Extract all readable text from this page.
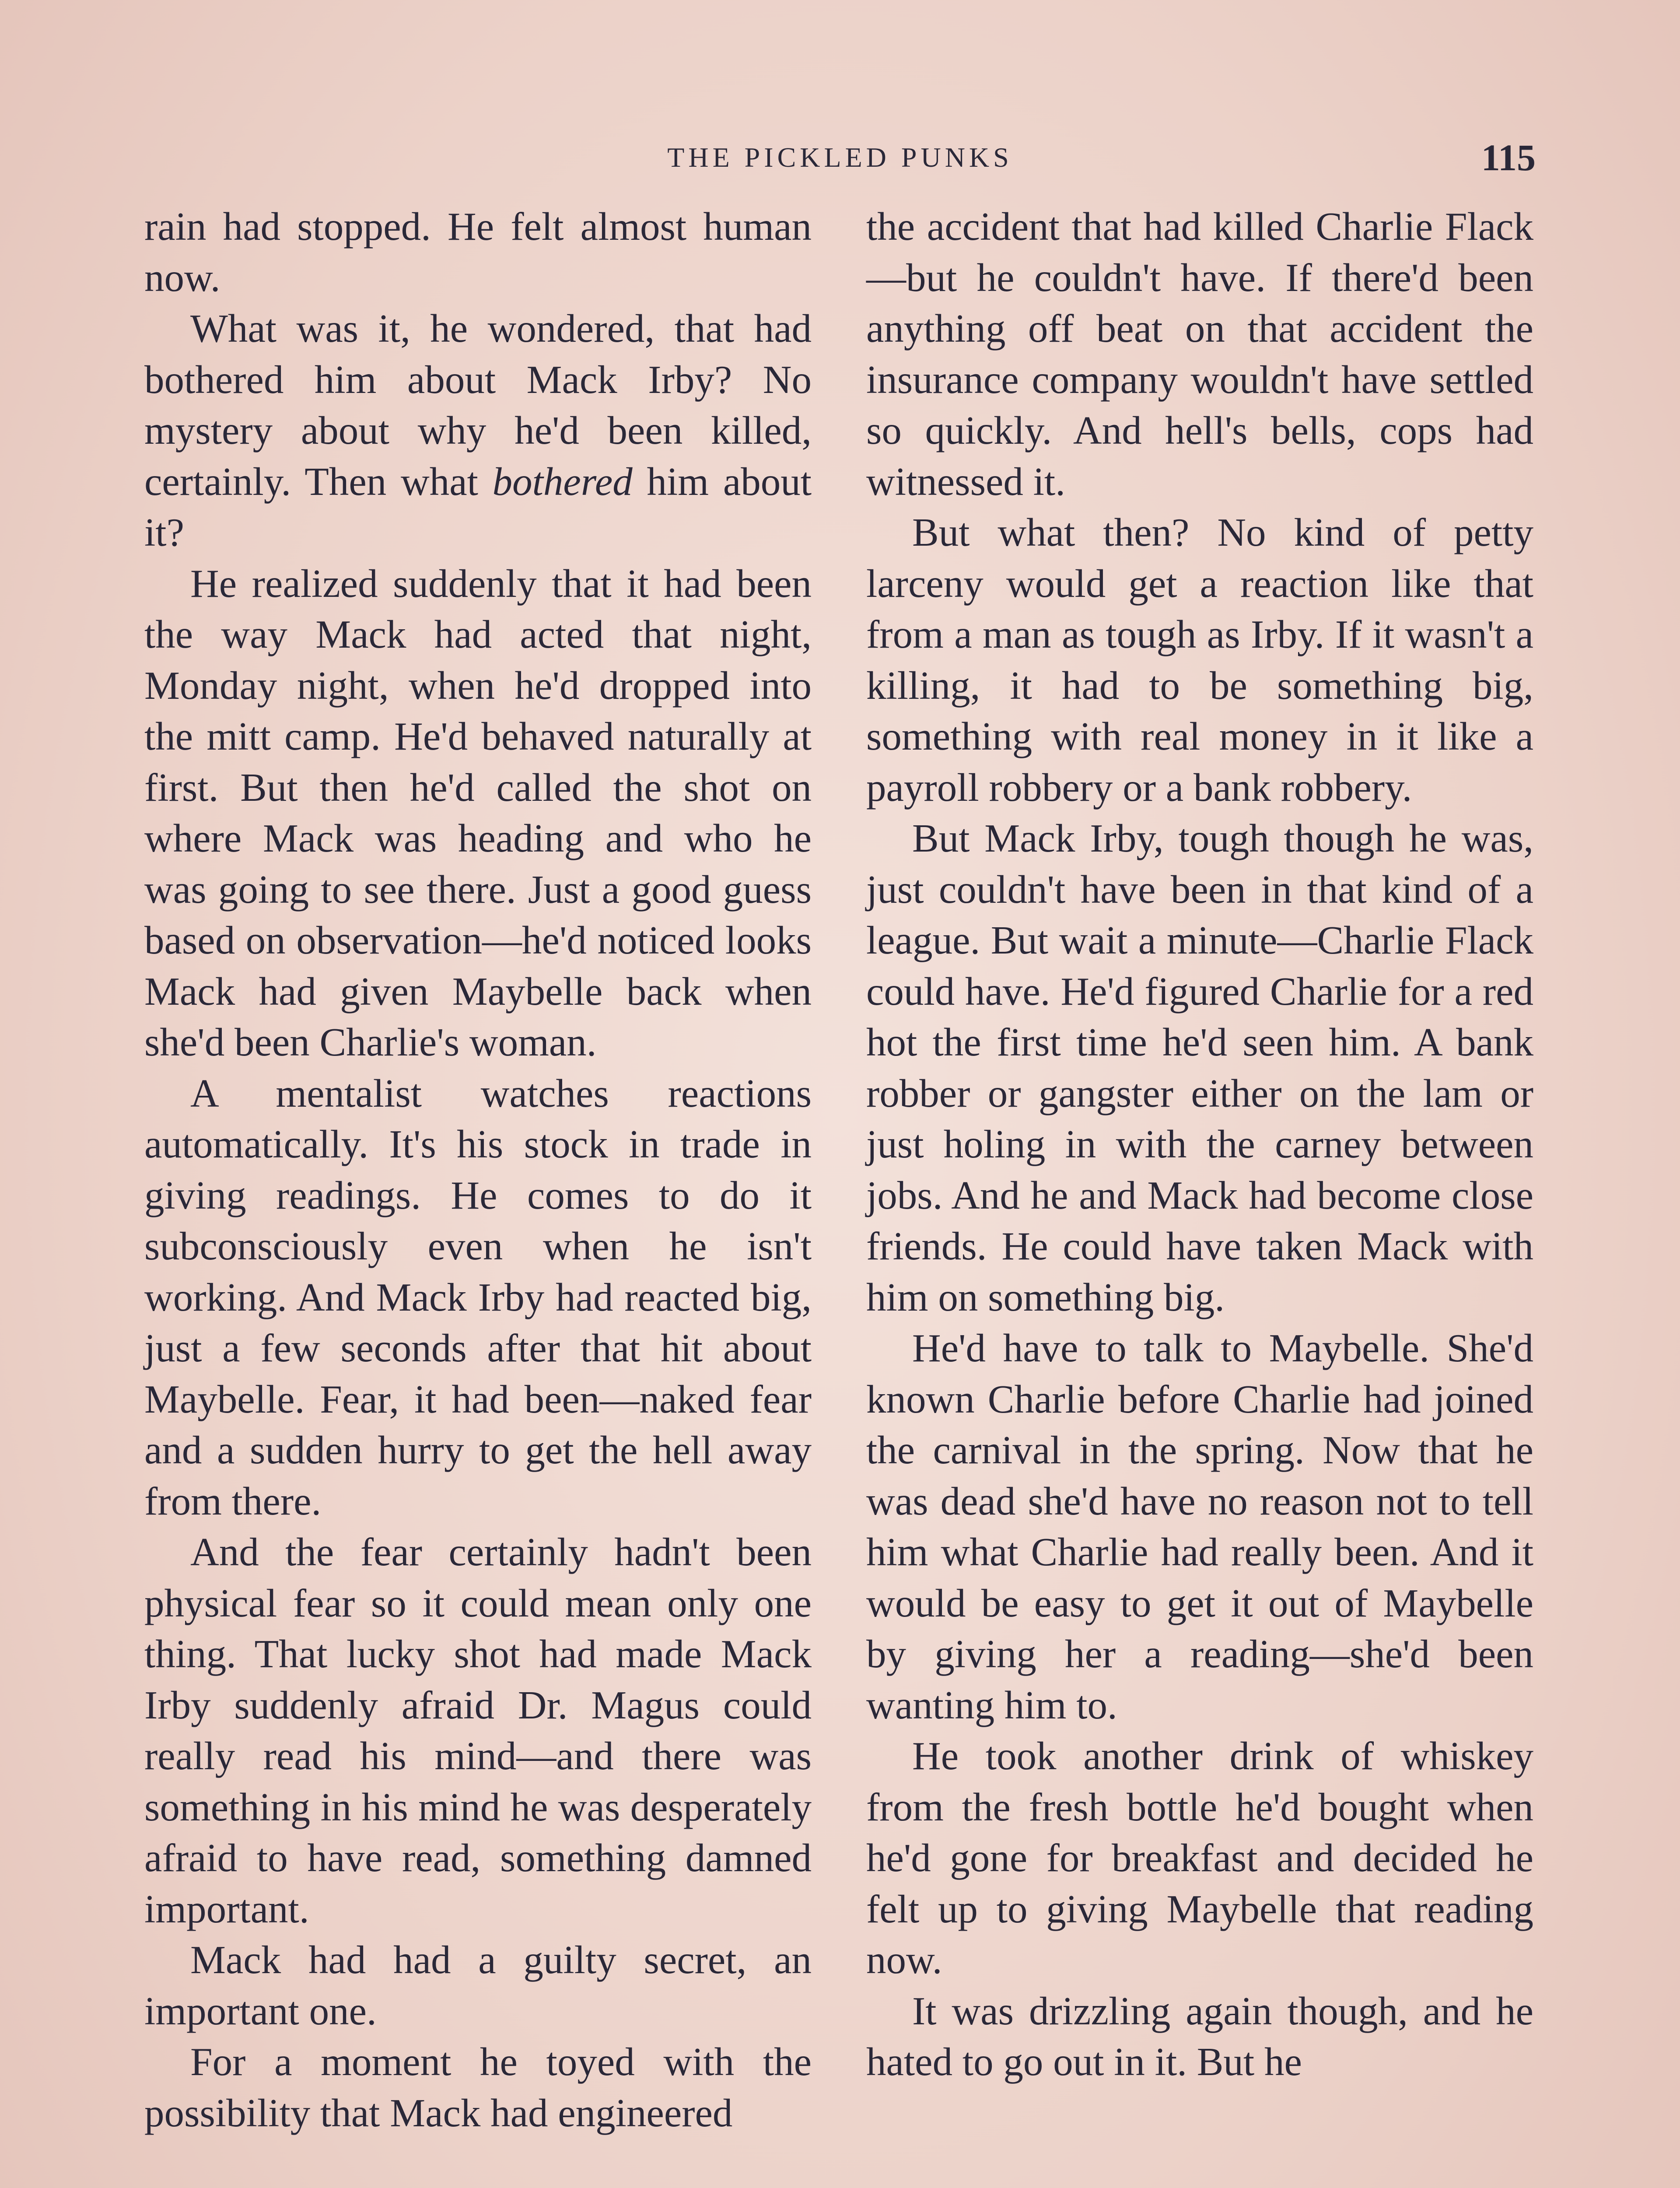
THE PICKLED PUNKS	115

rain had stopped. He felt almost human now.

What was it, he wondered, that had bothered him about Mack Irby? No mystery about why he'd been killed, certainly. Then what bothered him about it?

He realized suddenly that it had been the way Mack had acted that night, Monday night, when he'd dropped into the mitt camp. He'd behaved naturally at first. But then he'd called the shot on where Mack was heading and who he was going to see there. Just a good guess based on observation—he'd noticed looks Mack had given Maybelle back when she'd been Charlie's woman.

A mentalist watches reactions automatically. It's his stock in trade in giving readings. He comes to do it subconsciously even when he isn't working. And Mack Irby had reacted big, just a few seconds after that hit about Maybelle. Fear, it had been—naked fear and a sudden hurry to get the hell away from there.

And the fear certainly hadn't been physical fear so it could mean only one thing. That lucky shot had made Mack Irby suddenly afraid Dr. Magus could really read his mind—and there was something in his mind he was desperately afraid to have read, something damned important.

Mack had had a guilty secret, an important one.

For a moment he toyed with the possibility that Mack had engineered

the accident that had killed Charlie Flack—but he couldn't have. If there'd been anything off beat on that accident the insurance company wouldn't have settled so quickly. And hell's bells, cops had witnessed it.

But what then? No kind of petty larceny would get a reaction like that from a man as tough as Irby. If it wasn't a killing, it had to be something big, something with real money in it like a payroll robbery or a bank robbery.

But Mack Irby, tough though he was, just couldn't have been in that kind of a league. But wait a minute—Charlie Flack could have. He'd figured Charlie for a red hot the first time he'd seen him. A bank robber or gangster either on the lam or just holing in with the carney between jobs. And he and Mack had become close friends. He could have taken Mack with him on something big.

He'd have to talk to Maybelle. She'd known Charlie before Charlie had joined the carnival in the spring. Now that he was dead she'd have no reason not to tell him what Charlie had really been. And it would be easy to get it out of Maybelle by giving her a reading—she'd been wanting him to.

He took another drink of whiskey from the fresh bottle he'd bought when he'd gone for breakfast and decided he felt up to giving Maybelle that reading now.

It was drizzling again though, and he hated to go out in it. But he
